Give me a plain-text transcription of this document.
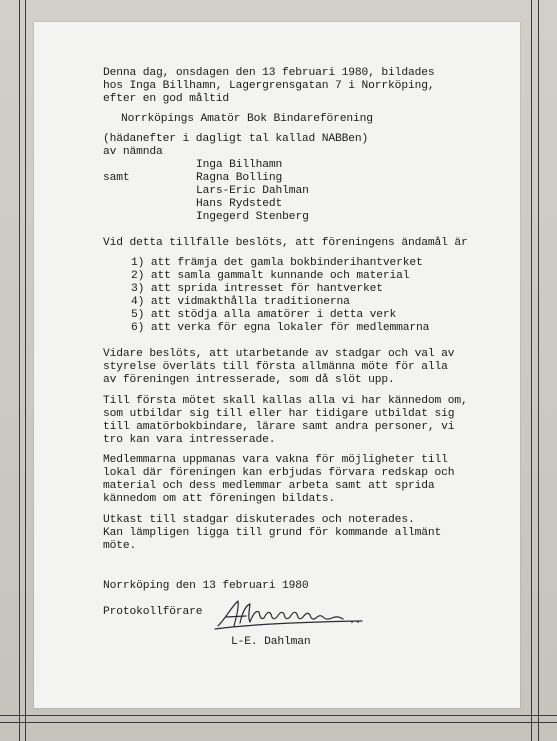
Denna dag, onsdagen den 13 februari 1980, bildades
hos Inga Billhamn, Lagergrensgatan 7 i Norrköping,
efter en god måltid
Norrköpings Amatör Bok Bindareförening
(hädanefter i dagligt tal kallad NABBen)
av nämnda
Inga Billhamn
samt	Ragna Bolling
Lars-Eric Dahlman
Hans Rydstedt
Ingegerd Stenberg
Vid detta tillfälle beslöts, att föreningens ändamål är
1) att främja det gamla bokbinderihantverket
2) att samla gammalt kunnande och material
3) att sprida intresset för hantverket
4) att vidmakthålla traditionerna
5) att stödja alla amatörer i detta verk
6) att verka för egna lokaler för medlemmarna
Vidare beslöts, att utarbetande av stadgar och val av
styrelse överläts till första allmänna möte för alla
av föreningen intresserade, som då slöt upp.
Till första mötet skall kallas alla vi har kännedom om,
som utbildar sig till eller har tidigare utbildat sig
till amatörbokbindare, lärare samt andra personer, vi
tro kan vara intresserade.
Medlemmarna uppmanas vara vakna för möjligheter till
lokal där föreningen kan erbjudas förvara redskap och
material och dess medlemmar arbeta samt att sprida
kännedom om att föreningen bildats.
Utkast till stadgar diskuterades och noterades.
Kan lämpligen ligga till grund för kommande allmänt
möte.
Norrköping den 13 februari 1980
Protokollförare
L-E. Dahlman
